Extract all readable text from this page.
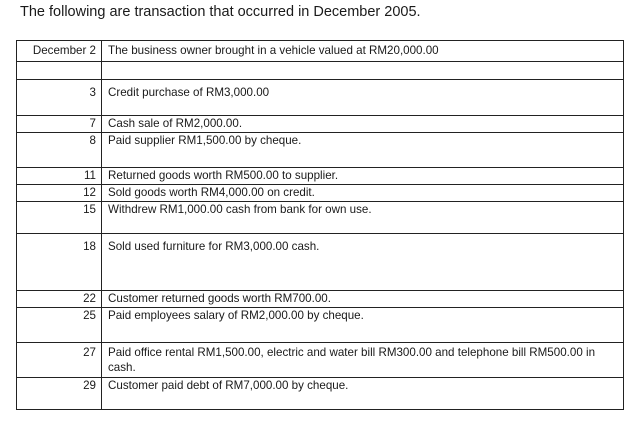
The following are transaction that occurred in December 2005.
December 2	The business owner brought in a vehicle valued at RM20,000.00

3	Credit purchase of RM3,000.00
7	Cash sale of RM2,000.00.
8	Paid supplier RM1,500.00 by cheque.
11	Returned goods worth RM500.00 to supplier.
12	Sold goods worth RM4,000.00 on credit.
15	Withdrew RM1,000.00 cash from bank for own use.
18	Sold used furniture for RM3,000.00 cash.
22	Customer returned goods worth RM700.00.
25	Paid employees salary of RM2,000.00 by cheque.
27	Paid office rental RM1,500.00, electric and water bill RM300.00 and telephone bill RM500.00 in cash.
29	Customer paid debt of RM7,000.00 by cheque.
